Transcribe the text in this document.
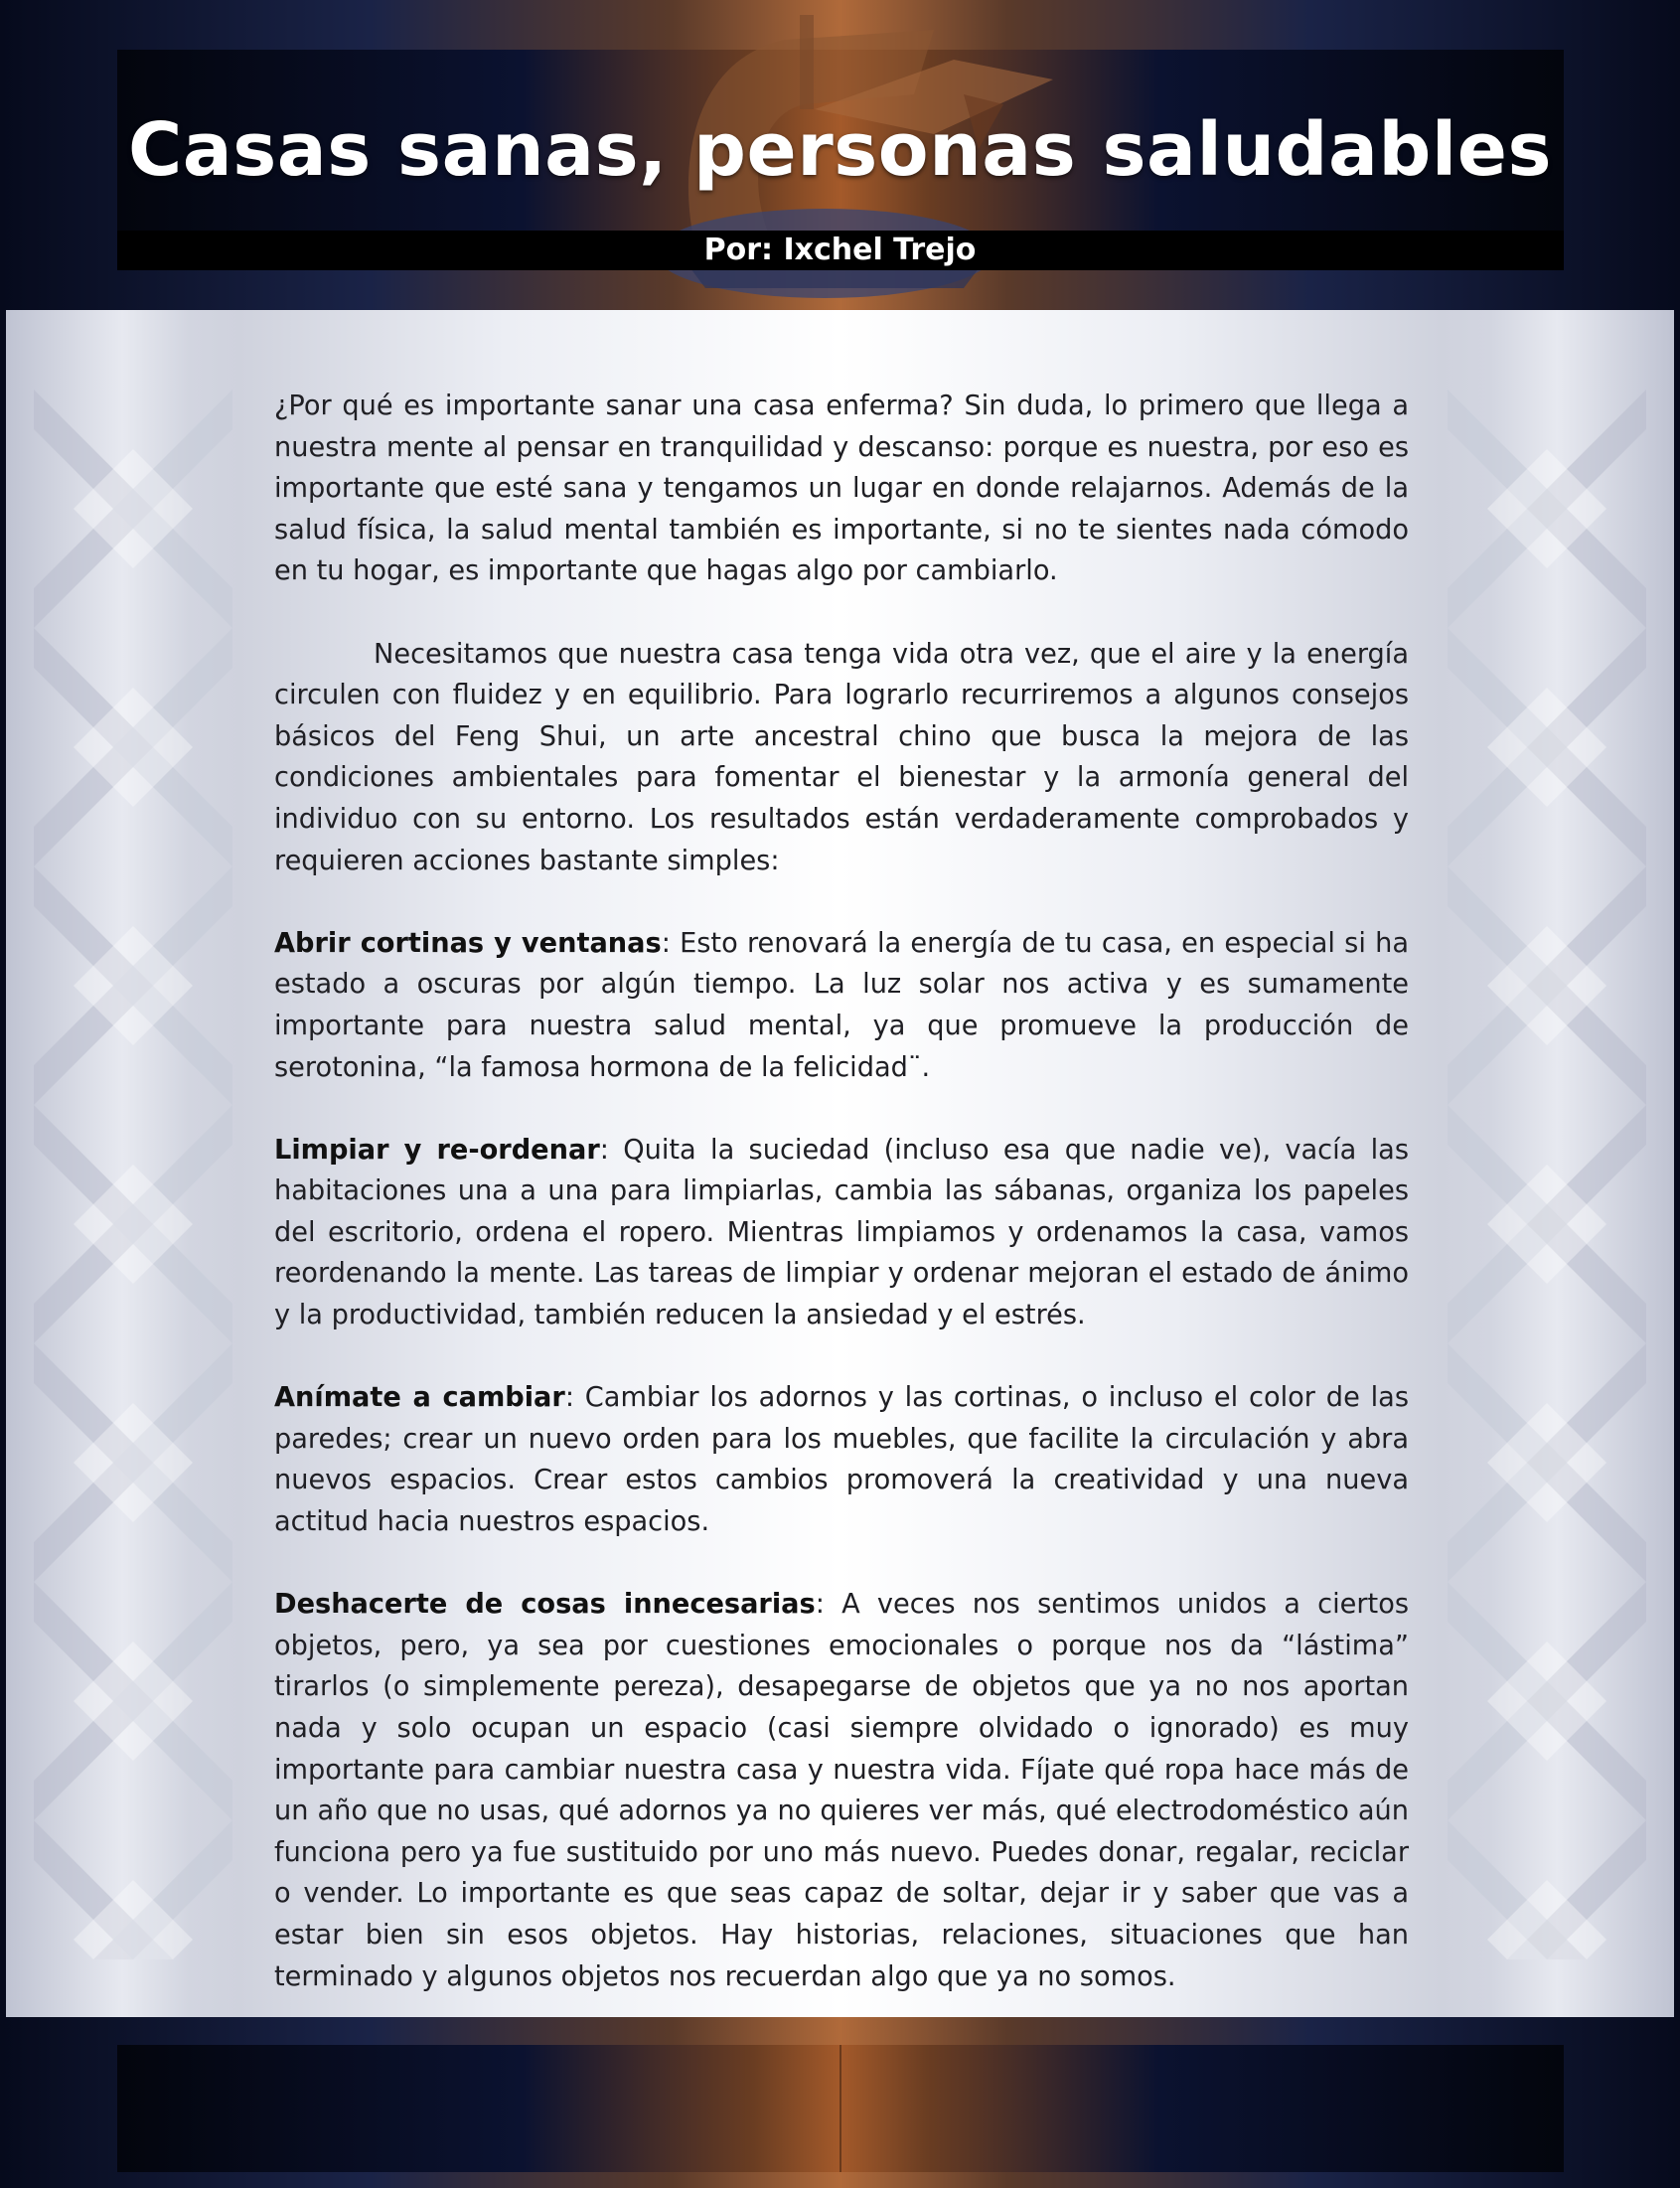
Casas sanas, personas saludables
Por: Ixchel Trejo

¿Por qué es importante sanar una casa enferma? Sin duda, lo primero que llega a nuestra mente al pensar en tranquilidad y descanso: porque es nuestra, por eso es importante que esté sana y tengamos un lugar en donde relajarnos. Además de la salud física, la salud mental también es importante, si no te sientes nada cómodo en tu hogar, es importante que hagas algo por cambiarlo.

Necesitamos que nuestra casa tenga vida otra vez, que el aire y la energía circulen con fluidez y en equilibrio. Para lograrlo recurriremos a algunos consejos básicos del Feng Shui, un arte ancestral chino que busca la mejora de las condiciones ambientales para fomentar el bienestar y la armonía general del individuo con su entorno. Los resultados están verdaderamente comprobados y requieren acciones bastante simples:

Abrir cortinas y ventanas: Esto renovará la energía de tu casa, en especial si ha estado a oscuras por algún tiempo. La luz solar nos activa y es sumamente importante para nuestra salud mental, ya que promueve la producción de serotonina, “la famosa hormona de la felicidad¨.

Limpiar y re-ordenar: Quita la suciedad (incluso esa que nadie ve), vacía las habitaciones una a una para limpiarlas, cambia las sábanas, organiza los papeles del escritorio, ordena el ropero. Mientras limpiamos y ordenamos la casa, vamos reordenando la mente. Las tareas de limpiar y ordenar mejoran el estado de ánimo y la productividad, también reducen la ansiedad y el estrés.

Anímate a cambiar: Cambiar los adornos y las cortinas, o incluso el color de las paredes; crear un nuevo orden para los muebles, que facilite la circulación y abra nuevos espacios. Crear estos cambios promoverá la creatividad y una nueva actitud hacia nuestros espacios.

Deshacerte de cosas innecesarias: A veces nos sentimos unidos a ciertos objetos, pero, ya sea por cuestiones emocionales o porque nos da “lástima” tirarlos (o simplemente pereza), desapegarse de objetos que ya no nos aportan nada y solo ocupan un espacio (casi siempre olvidado o ignorado) es muy importante para cambiar nuestra casa y nuestra vida. Fíjate qué ropa hace más de un año que no usas, qué adornos ya no quieres ver más, qué electrodoméstico aún funciona pero ya fue sustituido por uno más nuevo. Puedes donar, regalar, reciclar o vender. Lo importante es que seas capaz de soltar, dejar ir y saber que vas a estar bien sin esos objetos. Hay historias, relaciones, situaciones que han terminado y algunos objetos nos recuerdan algo que ya no somos.
